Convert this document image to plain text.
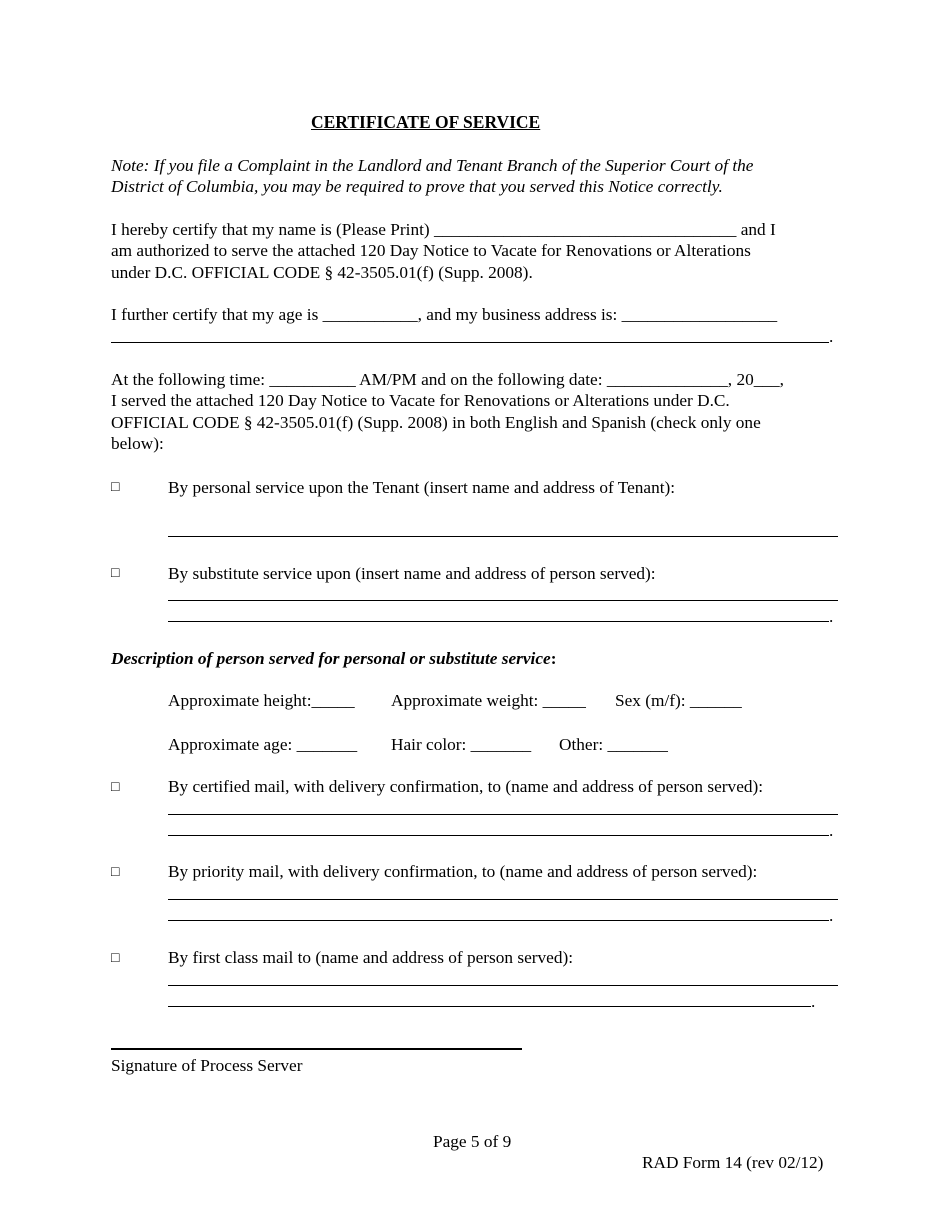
CERTIFICATE OF SERVICE
Note: If you file a Complaint in the Landlord and Tenant Branch of the Superior Court of the
District of Columbia, you may be required to prove that you served this Notice correctly.
I hereby certify that my name is (Please Print) ___________________________________ and I
am authorized to serve the attached 120 Day Notice to Vacate for Renovations or Alterations
under D.C. OFFICIAL CODE § 42-3505.01(f) (Supp. 2008).
I further certify that my age is ___________, and my business address is: __________________
.
At the following time: __________ AM/PM and on the following date: ______________, 20___,
I served the attached 120 Day Notice to Vacate for Renovations or Alterations under D.C.
OFFICIAL CODE § 42-3505.01(f) (Supp. 2008) in both English and Spanish (check only one
below):
□	By personal service upon the Tenant (insert name and address of Tenant):
□	By substitute service upon (insert name and address of person served):
.
Description of person served for personal or substitute service:
Approximate height:_____ Approximate weight: _____ Sex (m/f): ______
Approximate age: _______ Hair color: _______ Other: _______
□	By certified mail, with delivery confirmation, to (name and address of person served):
.
□	By priority mail, with delivery confirmation, to (name and address of person served):
.
□	By first class mail to (name and address of person served):
.
Signature of Process Server
Page 5 of 9
RAD Form 14 (rev 02/12)
